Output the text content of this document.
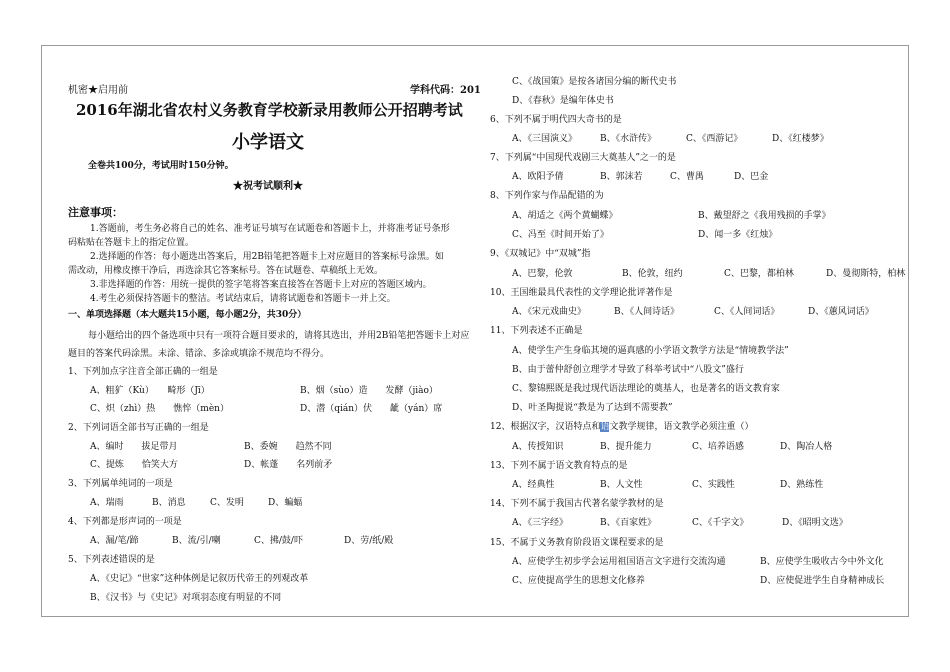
机密★启用前	学科代码：201
2016年湖北省农村义务教育学校新录用教师公开招聘考试
小学语文
全卷共100分，考试用时150分钟。
★祝考试顺利★
注意事项：
1.答题前，考生务必将自己的姓名、准考证号填写在试题卷和答题卡上，并将准考证号条形
码粘贴在答题卡上的指定位置。
2.选择题的作答：每小题选出答案后，用2B铅笔把答题卡上对应题目的答案标号涂黑。如
需改动，用橡皮擦干净后，再选涂其它答案标号。答在试题卷、草稿纸上无效。
3.非选择题的作答：用统一提供的签字笔将答案直接答在答题卡上对应的答题区域内。
4.考生必须保持答题卡的整洁。考试结束后，请将试题卷和答题卡一并上交。
一、单项选择题（本大题共15小题，每小题2分，共30分）
每小题给出的四个备选项中只有一项符合题目要求的，请将其选出，并用2B铅笔把答题卡上对应
题目的答案代码涂黑。未涂、错涂、多涂或填涂不规范均不得分。
1、下列加点字注音全部正确的一组是
A、粗犷（Kù）　　畸形（Jī）	B、烟（sùo）造　　发酵（jiào）
C、炽（zhì）热　　憔悴（mèn）	D、潜（qián）伏　　龇（yán）席
2、下列词语全部书写正确的一组是
A、编时　　拔足带月	B、委婉　　趋然不同
C、提炼　　恰笑大方	D、帐蓬　　名列前矛
3、下列属单纯词的一项是
A、瑞雨	B、消息	C、发明	D、蝙蝠
4、下列都是形声词的一项是
A、漏/笔/蹄	B、流/引/喇	C、拂/鼓/吓	D、劳/纸/殿
5、下列表述错误的是
A、《史记》“世家”这种体例是记叙历代帝王的列观改革
B、《汉书》与《史记》对项羽态度有明显的不同
C、《战国策》是按各诸国分编的断代史书
D、《春秋》是编年体史书
6、下列不属于明代四大奇书的是
A、《三国演义》	B、《水浒传》	C、《西游记》	D、《红楼梦》
7、下列属“中国现代戏剧三大奠基人”之一的是
A、欧阳予倩	B、郭沫若	C、曹禺	D、巴金
8、下列作家与作品配错的为
A、胡适之《两个黄蝴蝶》	B、戴望舒之《我用残损的手掌》
C、冯至《时间开始了》	D、闻一多《红烛》
9、《双城记》中“双城”指
A、巴黎，伦敦	B、伦敦，纽约	C、巴黎，都柏林	D、曼彻斯特，柏林
10、王国维最具代表性的文学理论批评著作是
A、《宋元戏曲史》	B、《人间诗话》	C、《人间词话》	D、《蕙风词话》
11、下列表述不正确是
A、使学生产生身临其境的逼真感的小学语文教学方法是“情境教学法”
B、由于蕾仲舒创立理学才导致了科举考试中“八股文”盛行
C、黎锦熙既是我过现代语法理论的奠基人，也是著名的语文教育家
D、叶圣陶提说“教是为了达到不需要教”
12、根据汉字，汉语特点和语文教学规律，语文教学必须注重（）
A、传授知识	B、提升能力	C、培养语感	D、陶冶人格
13、下列不属于语文教育特点的是
A、经典性	B、人文性	C、实践性	D、熟练性
14、下列不属于我国古代著名蒙学教材的是
A、《三字经》	B、《百家姓》	C、《千字文》	D、《昭明文选》
15、不属于义务教育阶段语文课程要求的是
A、应使学生初步学会运用祖国语言文字进行交流沟通	B、应使学生吸收古今中外文化
C、应使提高学生的思想文化修养	D、应使促进学生自身精神成长
